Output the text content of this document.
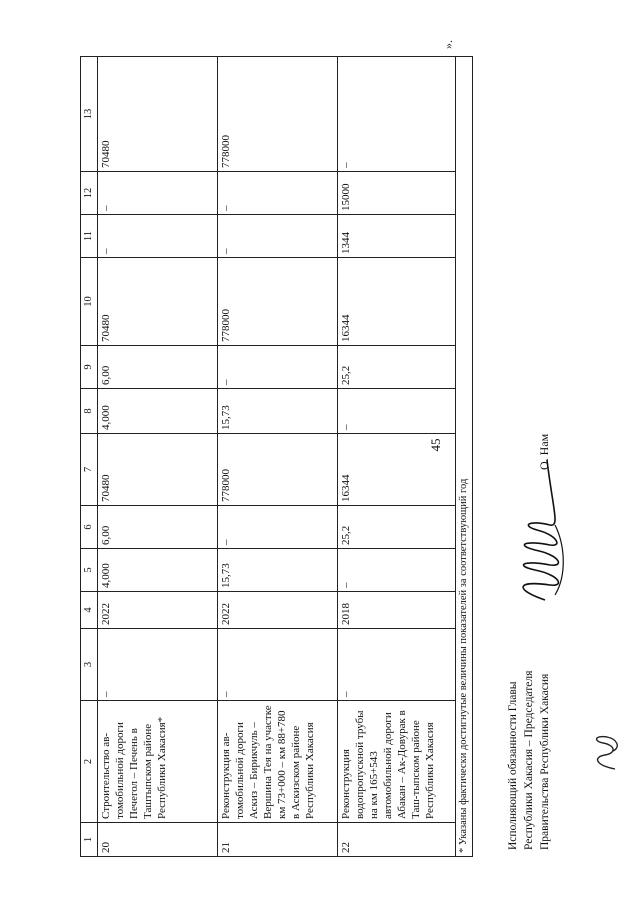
45
1	2	3	4	5	6	7	8	9	10	11	12	13
20	Строительство ав-томобильной дороги Печегол – Печень в Таштыпском районе Республики Хакасия*	–	2022	4,000	6,00	70480	4,000	6,00	70480	–	–	70480
21	Реконструкция ав-томобильной дороги Аскиз – Бирикчуль – Вершина Тея на участке км 73+000 – км 88+780 в Аскизском районе Республики Хакасия	–	2022	15,73	–	778000	15,73	–	778000	–	–	778000
22	Реконструкция водопропускной трубы на км 165+543 автомобильной дороги Абакан – Ак-Довурак в Таш-тыпском районе Республики Хакасия	–	2018	–	25,2	16344	–	25,2	16344	1344	15000	–
* Указаны фактически достигнутые величины показателей за соответствующий год												
».
Исполняющий обязанности Главы Республики Хакасия – Председателя Правительства Республики Хакасия
О. Нам
